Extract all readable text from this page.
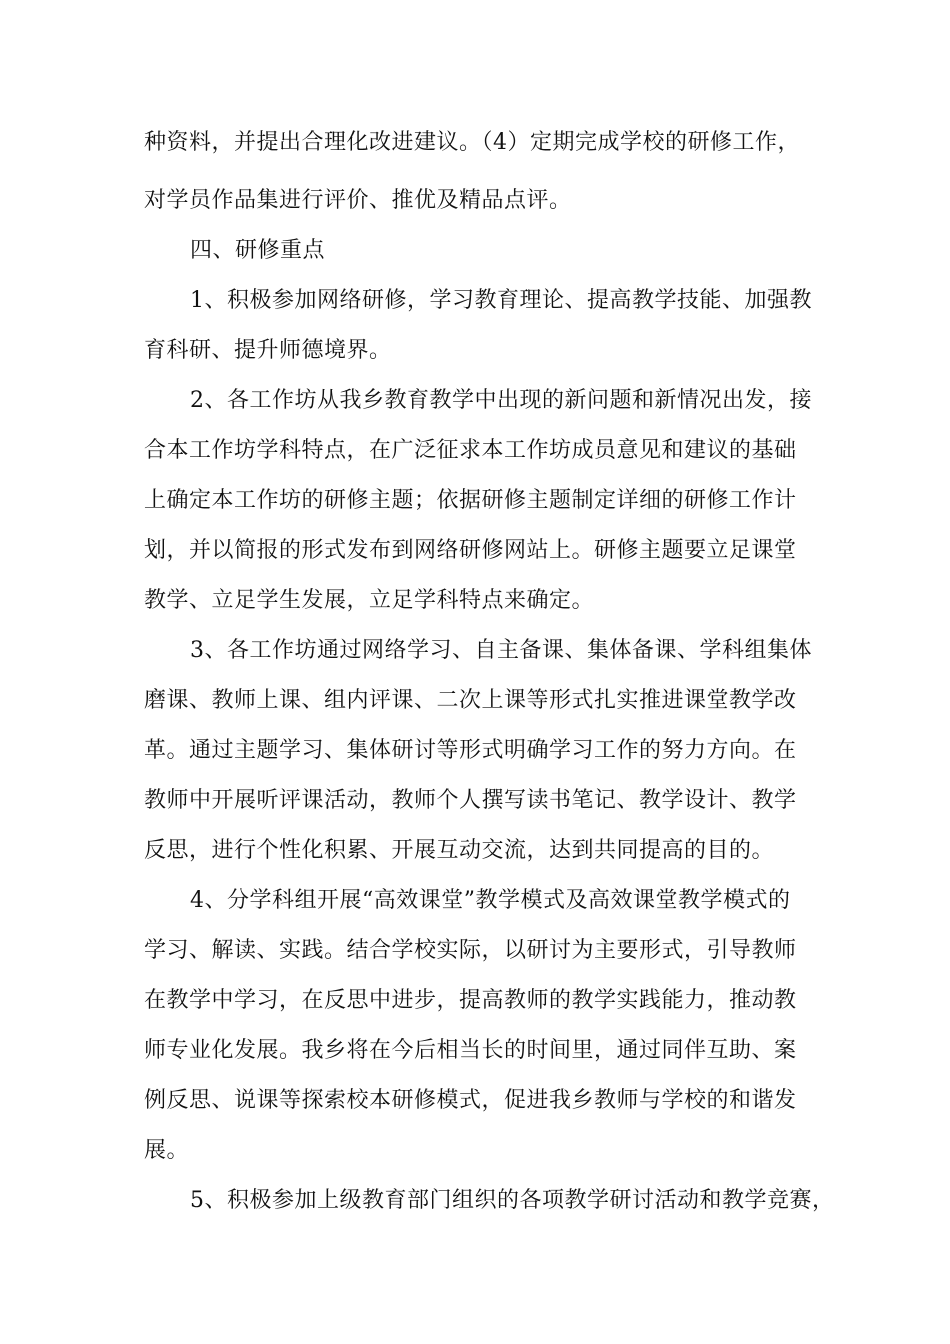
种资料，并提出合理化改进建议。（4）定期完成学校的研修工作，
对学员作品集进行评价、推优及精品点评。
四、研修重点
1、积极参加网络研修，学习教育理论、提高教学技能、加强教
育科研、提升师德境界。
2、各工作坊从我乡教育教学中出现的新问题和新情况出发，接
合本工作坊学科特点，在广泛征求本工作坊成员意见和建议的基础
上确定本工作坊的研修主题；依据研修主题制定详细的研修工作计
划，并以简报的形式发布到网络研修网站上。研修主题要立足课堂
教学、立足学生发展，立足学科特点来确定。
3、各工作坊通过网络学习、自主备课、集体备课、学科组集体
磨课、教师上课、组内评课、二次上课等形式扎实推进课堂教学改
革。通过主题学习、集体研讨等形式明确学习工作的努力方向。在
教师中开展听评课活动，教师个人撰写读书笔记、教学设计、教学
反思，进行个性化积累、开展互动交流，达到共同提高的目的。
4、分学科组开展“高效课堂”教学模式及高效课堂教学模式的
学习、解读、实践。结合学校实际，以研讨为主要形式，引导教师
在教学中学习，在反思中进步，提高教师的教学实践能力，推动教
师专业化发展。我乡将在今后相当长的时间里，通过同伴互助、案
例反思、说课等探索校本研修模式，促进我乡教师与学校的和谐发
展。
5、积极参加上级教育部门组织的各项教学研讨活动和教学竞赛，
